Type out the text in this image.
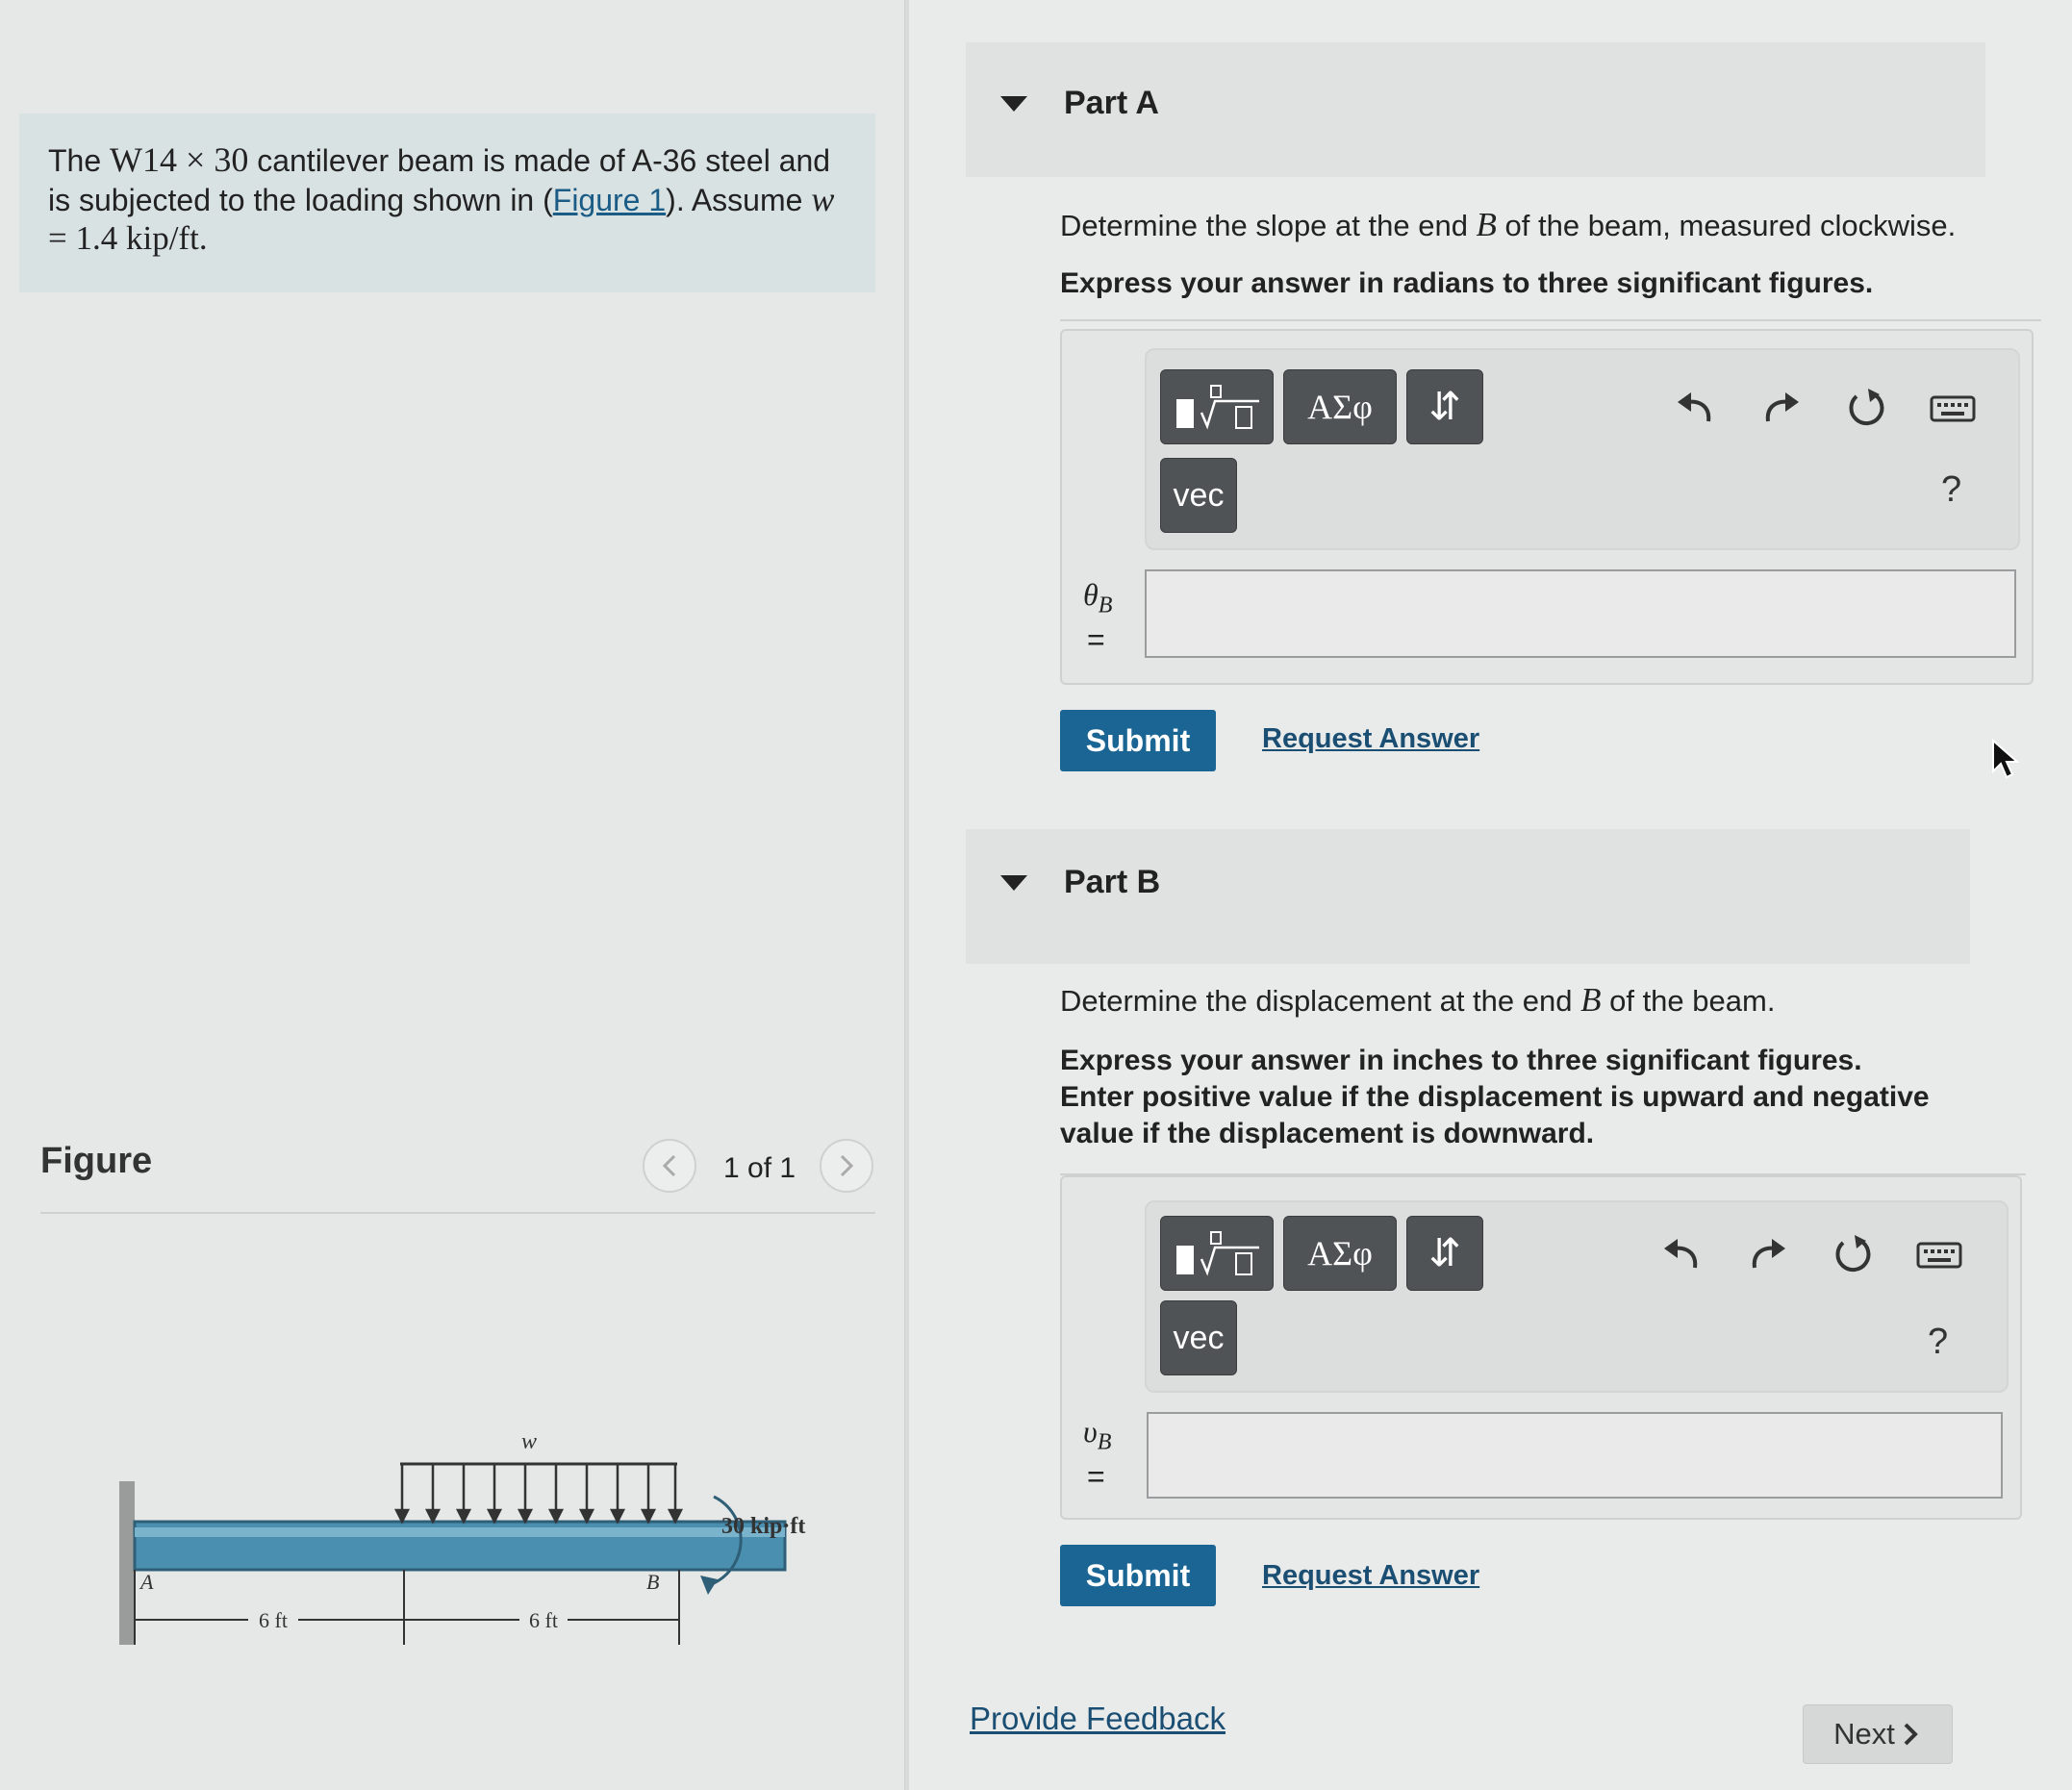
The W14 × 30 cantilever beam is made of A-36 steel and is subjected to the loading shown in (Figure 1). Assume w
= 1.4 kip/ft.
Figure	1 of 1
w
30 kip·ft
A	B
6 ft	6 ft
Part A
Determine the slope at the end B of the beam, measured clockwise.
Express your answer in radians to three significant figures.
ΑΣφ	⇵
vec	?
$\theta_B$
=
Submit	Request Answer
Part B
Determine the displacement at the end B of the beam.
Express your answer in inches to three significant figures.
Enter positive value if the displacement is upward and negative
value if the displacement is downward.
ΑΣφ	⇵
vec	?
$\upsilon_B$
=
Submit	Request Answer
Provide Feedback	Next
